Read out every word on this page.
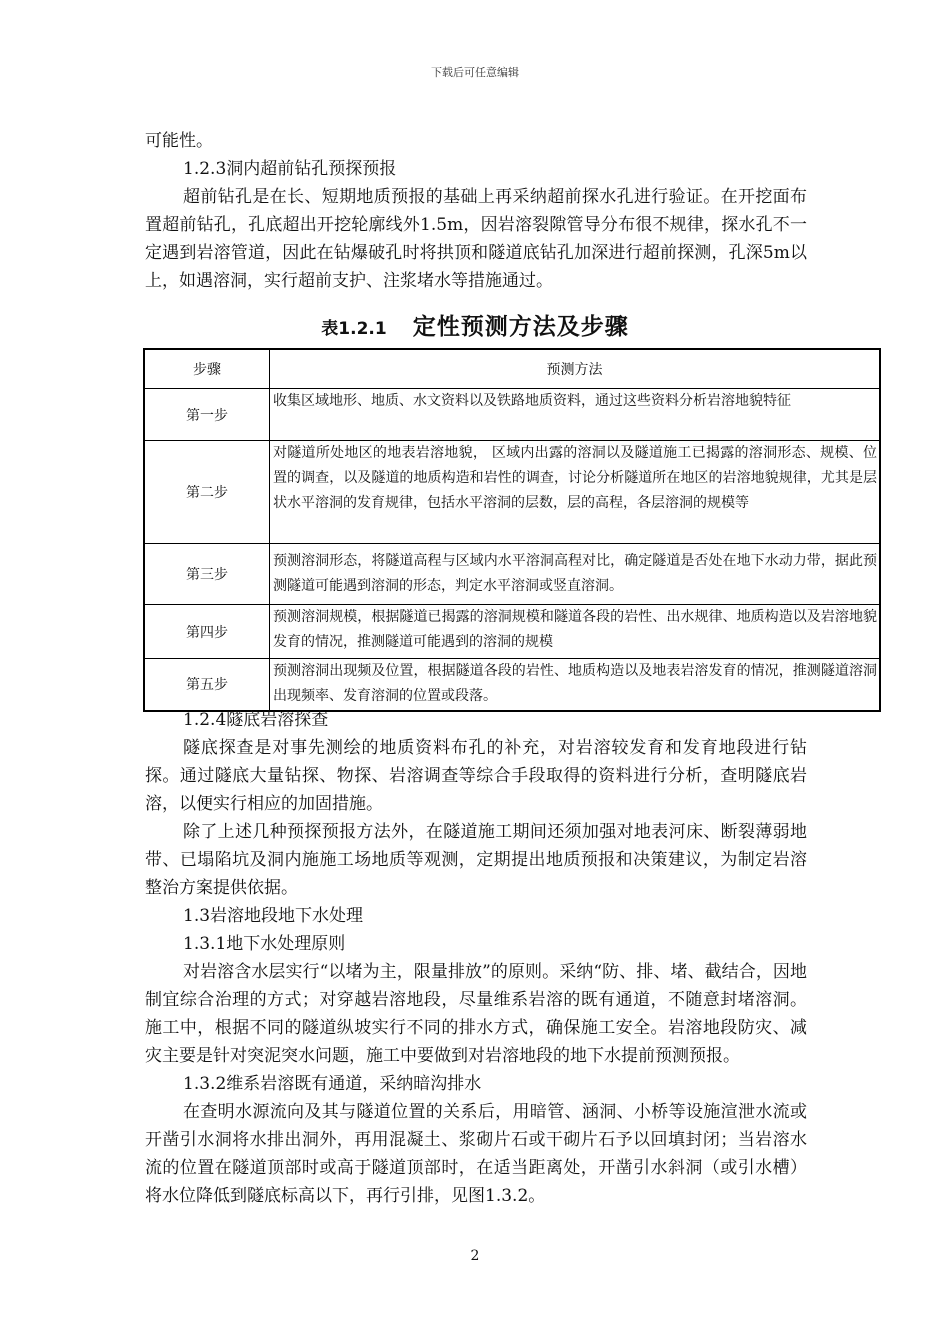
下载后可任意编辑

可能性。

1.2.3洞内超前钻孔预探预报

超前钻孔是在长、短期地质预报的基础上再采纳超前探水孔进行验证。在开挖面布置超前钻孔，孔底超出开挖轮廓线外1.5m，因岩溶裂隙管导分布很不规律，探水孔不一定遇到岩溶管道，因此在钻爆破孔时将拱顶和隧道底钻孔加深进行超前探测，孔深5m以上，如遇溶洞，实行超前支护、注浆堵水等措施通过。

表1.2.1 定性预测方法及步骤
步骤	预测方法
第一步	收集区域地形、地质、水文资料以及铁路地质资料，通过这些资料分析岩溶地貌特征
第二步	对隧道所处地区的地表岩溶地貌， 区域内出露的溶洞以及隧道施工已揭露的溶洞形态、规模、位置的调查，以及隧道的地质构造和岩性的调查，讨论分析隧道所在地区的岩溶地貌规律，尤其是层状水平溶洞的发育规律，包括水平溶洞的层数，层的高程，各层溶洞的规模等
第三步	预测溶洞形态，将隧道高程与区域内水平溶洞高程对比，确定隧道是否处在地下水动力带，据此预测隧道可能遇到溶洞的形态，判定水平溶洞或竖直溶洞。
第四步	预测溶洞规模，根据隧道已揭露的溶洞规模和隧道各段的岩性、出水规律、地质构造以及岩溶地貌发育的情况，推测隧道可能遇到的溶洞的规模
第五步	预测溶洞出现频及位置，根据隧道各段的岩性、地质构造以及地表岩溶发育的情况，推测隧道溶洞出现频率、发育溶洞的位置或段落。

1.2.4隧底岩溶探查

隧底探查是对事先测绘的地质资料布孔的补充，对岩溶较发育和发育地段进行钻探。通过隧底大量钻探、物探、岩溶调查等综合手段取得的资料进行分析，查明隧底岩溶，以便实行相应的加固措施。

除了上述几种预探预报方法外，在隧道施工期间还须加强对地表河床、断裂薄弱地带、已塌陷坑及洞内施施工场地质等观测，定期提出地质预报和决策建议，为制定岩溶整治方案提供依据。

1.3岩溶地段地下水处理

1.3.1地下水处理原则

对岩溶含水层实行“以堵为主，限量排放”的原则。采纳“防、排、堵、截结合，因地制宜综合治理的方式；对穿越岩溶地段，尽量维系岩溶的既有通道，不随意封堵溶洞。施工中，根据不同的隧道纵坡实行不同的排水方式，确保施工安全。岩溶地段防灾、减灾主要是针对突泥突水问题，施工中要做到对岩溶地段的地下水提前预测预报。

1.3.2维系岩溶既有通道，采纳暗沟排水

在查明水源流向及其与隧道位置的关系后，用暗管、涵洞、小桥等设施渲泄水流或开凿引水洞将水排出洞外，再用混凝土、浆砌片石或干砌片石予以回填封闭；当岩溶水流的位置在隧道顶部时或高于隧道顶部时，在适当距离处，开凿引水斜洞（或引水槽）将水位降低到隧底标高以下，再行引排，见图1.3.2。

2
